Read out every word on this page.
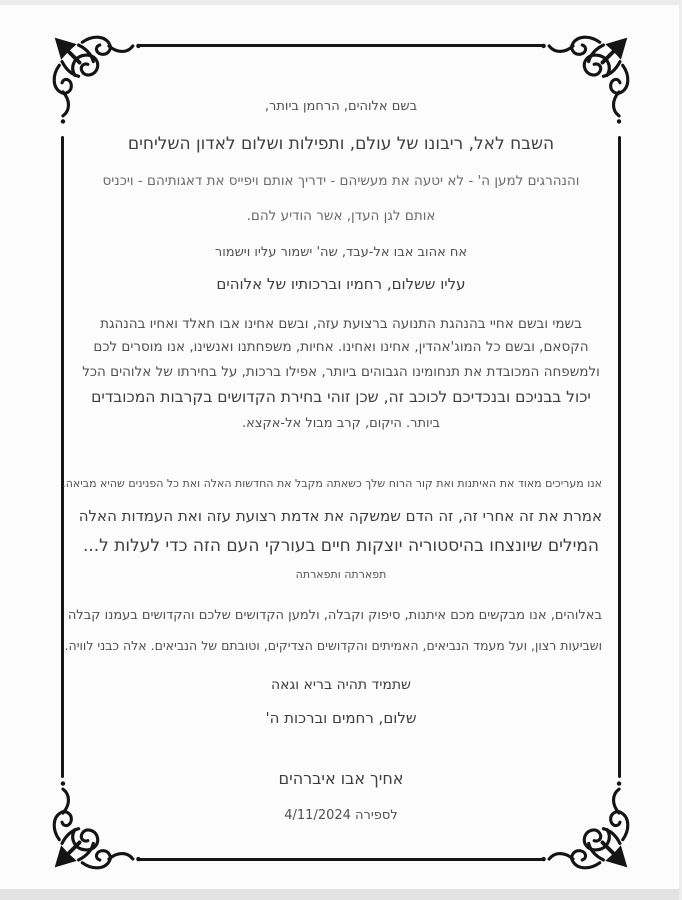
בשם אלוהים, הרחמן ביותר,
השבח לאל, ריבונו של עולם, ותפילות ושלום לאדון השליחים
והנהרגים למען ה' - לא יטעה את מעשיהם - ידריך אותם ויפייס את דאגותיהם - ויכניס
אותם לגן העדן, אשר הודיע להם.
אח אהוב אבו אל-עבד, שה' ישמור עליו וישמור
עליו ששלום, רחמיו וברכותיו של אלוהים
בשמי ובשם אחיי בהנהגת התנועה ברצועת עזה, ובשם אחינו אבו חאלד ואחיו בהנהגת
הקסאם, ובשם כל המוג'אהדין, אחינו ואחינו. אחיות, משפחתנו ואנשינו, אנו מוסרים לכם
ולמשפחה המכובדת את תנחומינו הגבוהים ביותר, אפילו ברכות, על בחירתו של אלוהים הכל
יכול בבניכם ובנכדיכם לכוכב זה, שכן זוהי בחירת הקדושים בקרבות המכובדים
ביותר. היקום, קרב מבול אל-אקצא.
אנו מעריכים מאוד את האיתנות ואת קור הרוח שלך כשאתה מקבל את החדשות האלה ואת כל הפנינים שהיא מביאה.
אמרת את זה אחרי זה, זה הדם שמשקה את אדמת רצועת עזה ואת העמדות האלה
המילים שיונצחו בהיסטוריה יוצקות חיים בעורקי העם הזה כדי לעלות ל...
תפארתה ותפארתה
באלוהים, אנו מבקשים מכם איתנות, סיפוק וקבלה, ולמען הקדושים שלכם והקדושים בעמנו קבלה
ושביעות רצון, ועל מעמד הנביאים, האמיתים והקדושים הצדיקים, וטובתם של הנביאים. אלה כבני לוויה.
שתמיד תהיה בריא וגאה
שלום, רחמים וברכות ה'
אחיך אבו איברהים
4/11/2024 לספירה
